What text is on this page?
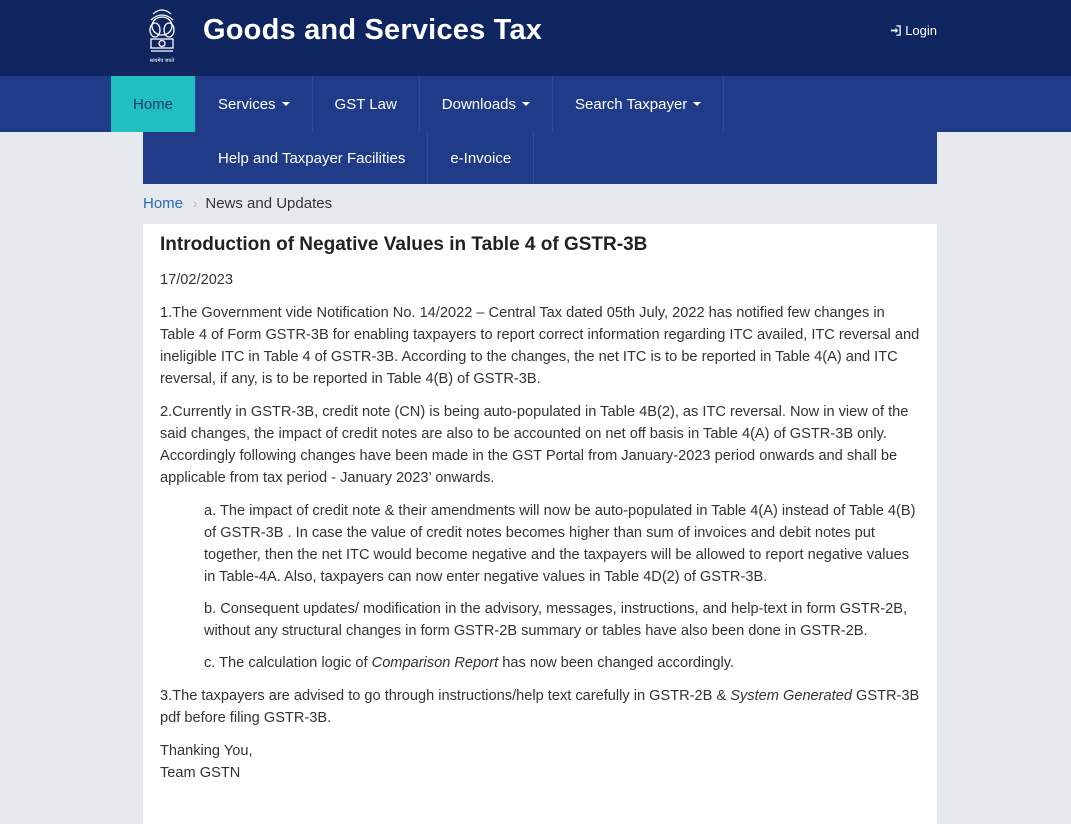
सत्यमेव जयते
Goods and Services Tax	Login
Home	Services	GST Law	Downloads	Search Taxpayer
Help and Taxpayer Facilities	e-Invoice
Home › News and Updates
Introduction of Negative Values in Table 4 of GSTR-3B

17/02/2023

1.The Government vide Notification No. 14/2022 – Central Tax dated 05th July, 2022 has notified few changes in Table 4 of Form GSTR-3B for enabling taxpayers to report correct information regarding ITC availed, ITC reversal and ineligible ITC in Table 4 of GSTR-3B. According to the changes, the net ITC is to be reported in Table 4(A) and ITC reversal, if any, is to be reported in Table 4(B) of GSTR-3B.

2.Currently in GSTR-3B, credit note (CN) is being auto-populated in Table 4B(2), as ITC reversal. Now in view of the said changes, the impact of credit notes are also to be accounted on net off basis in Table 4(A) of GSTR-3B only. Accordingly following changes have been made in the GST Portal from January-2023 period onwards and shall be applicable from tax period - January 2023’ onwards.

a. The impact of credit note & their amendments will now be auto-populated in Table 4(A) instead of Table 4(B) of GSTR-3B . In case the value of credit notes becomes higher than sum of invoices and debit notes put together, then the net ITC would become negative and the taxpayers will be allowed to report negative values in Table-4A. Also, taxpayers can now enter negative values in Table 4D(2) of GSTR-3B.

b. Consequent updates/ modification in the advisory, messages, instructions, and help-text in form GSTR-2B, without any structural changes in form GSTR-2B summary or tables have also been done in GSTR-2B.

c. The calculation logic of Comparison Report has now been changed accordingly.

3.The taxpayers are advised to go through instructions/help text carefully in GSTR-2B & System Generated GSTR-3B pdf before filing GSTR-3B.

Thanking You,
Team GSTN
